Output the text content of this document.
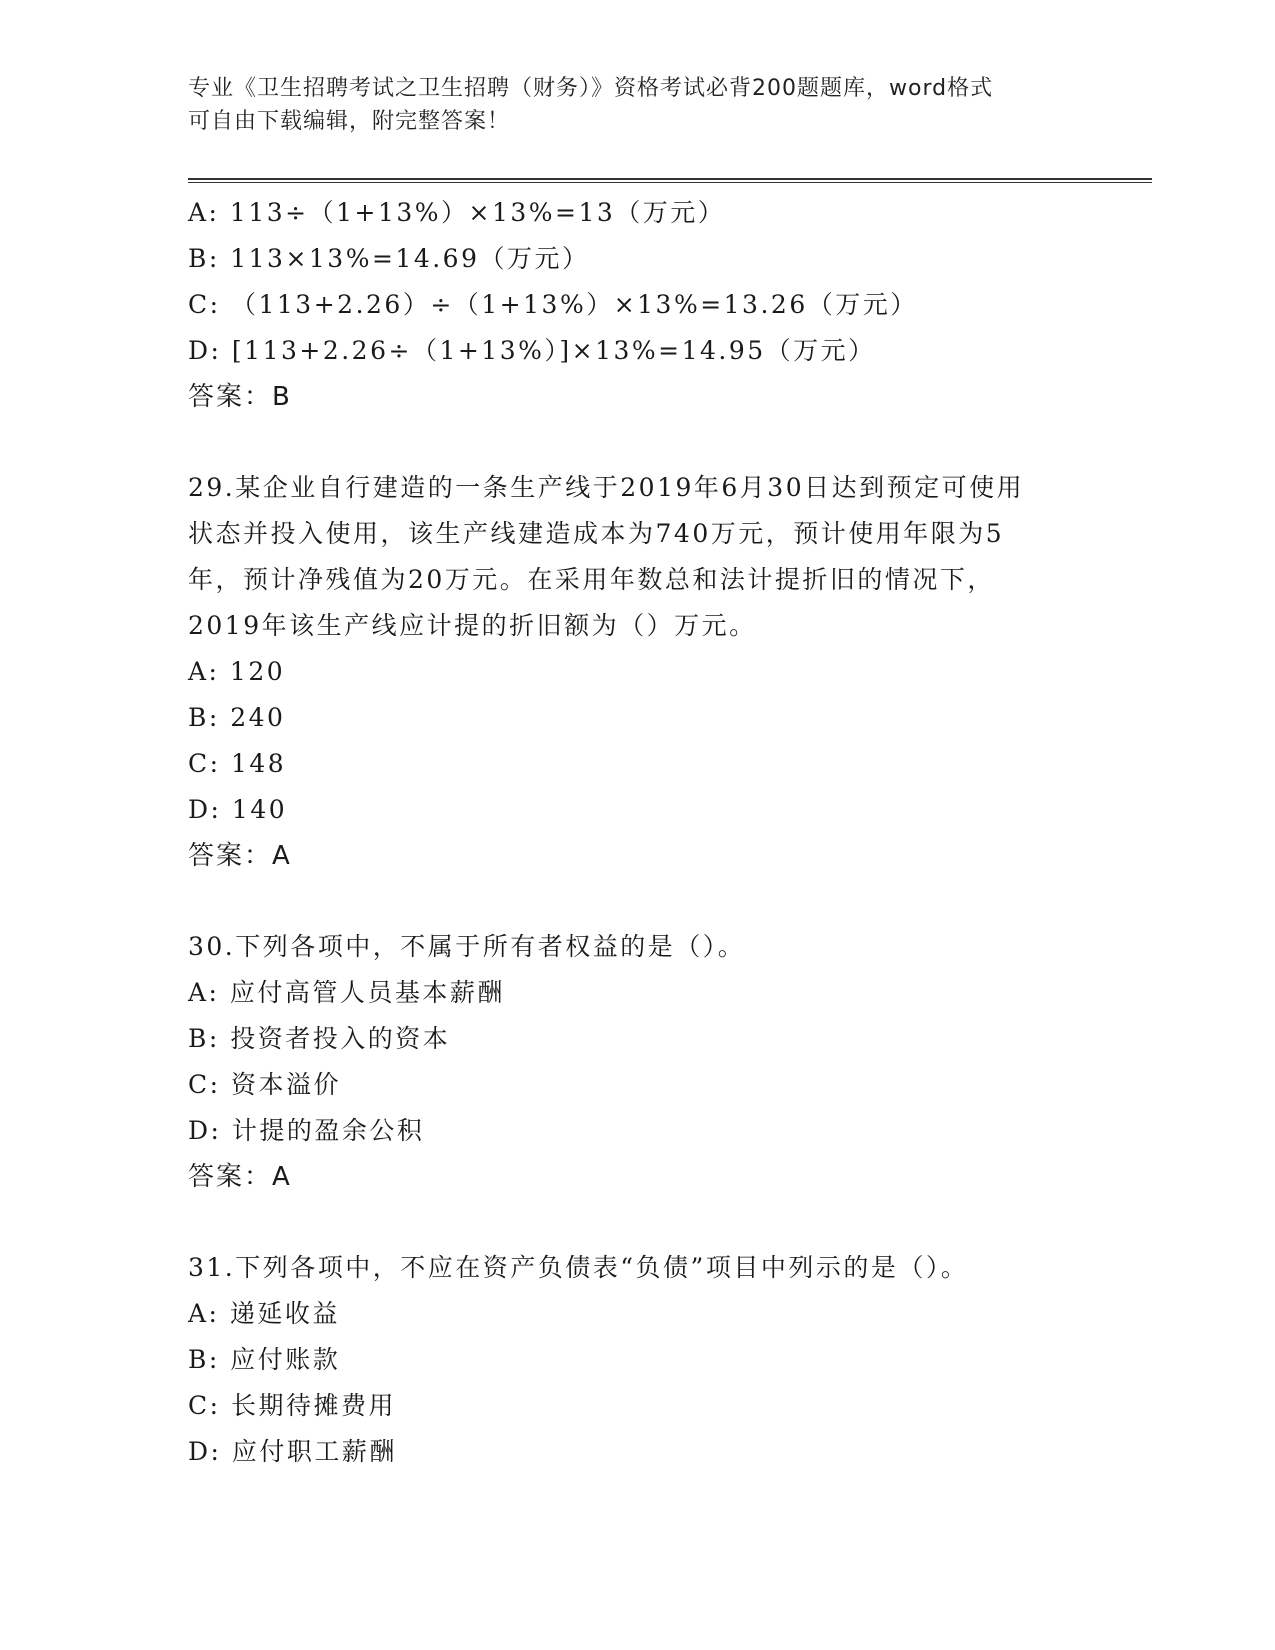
专业《卫生招聘考试之卫生招聘（财务）》资格考试必背200题题库，word格式
可自由下载编辑，附完整答案！
A: 113÷（1+13%）×13%=13（万元）
B: 113×13%=14.69（万元）
C: （113+2.26）÷（1+13%）×13%=13.26（万元）
D: [113+2.26÷（1+13%）]×13%=14.95（万元）
答案：B
29.某企业自行建造的一条生产线于2019年6月30日达到预定可使用
状态并投入使用，该生产线建造成本为740万元，预计使用年限为5
年，预计净残值为20万元。在采用年数总和法计提折旧的情况下，
2019年该生产线应计提的折旧额为（）万元。
A: 120
B: 240
C: 148
D: 140
答案：A
30.下列各项中，不属于所有者权益的是（）。
A: 应付高管人员基本薪酬
B: 投资者投入的资本
C: 资本溢价
D: 计提的盈余公积
答案：A
31.下列各项中，不应在资产负债表“负债”项目中列示的是（）。
A: 递延收益
B: 应付账款
C: 长期待摊费用
D: 应付职工薪酬
